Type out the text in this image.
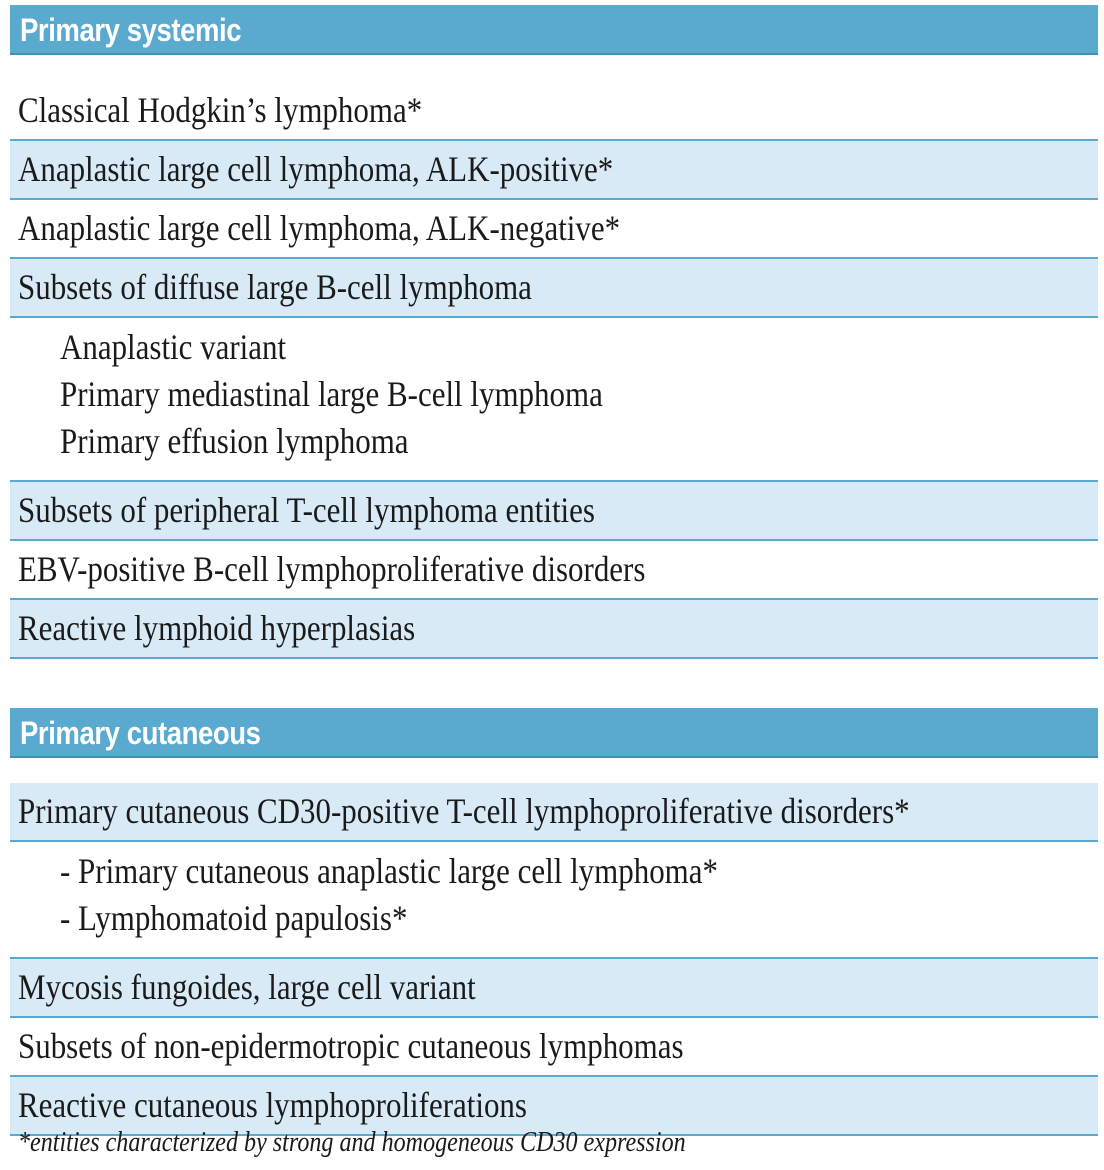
Primary systemic
Classical Hodgkin’s lymphoma*
Anaplastic large cell lymphoma, ALK-positive*
Anaplastic large cell lymphoma, ALK-negative*
Subsets of diffuse large B-cell lymphoma
Anaplastic variant
Primary mediastinal large B-cell lymphoma
Primary effusion lymphoma
Subsets of peripheral T-cell lymphoma entities
EBV-positive B-cell lymphoproliferative disorders
Reactive lymphoid hyperplasias
Primary cutaneous
Primary cutaneous CD30-positive T-cell lymphoproliferative disorders*
- Primary cutaneous anaplastic large cell lymphoma*
- Lymphomatoid papulosis*
Mycosis fungoides, large cell variant
Subsets of non-epidermotropic cutaneous lymphomas
Reactive cutaneous lymphoproliferations
*entities characterized by strong and homogeneous CD30 expression
